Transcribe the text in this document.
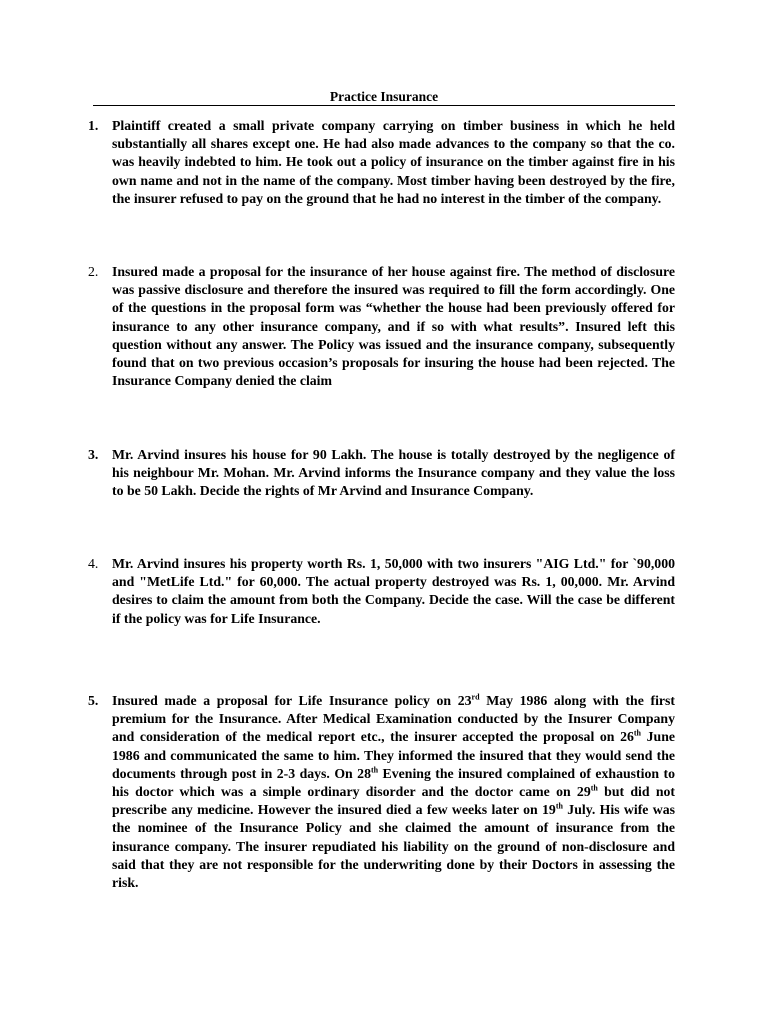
Practice Insurance
1. Plaintiff created a small private company carrying on timber business in which he held substantially all shares except one. He had also made advances to the company so that the co. was heavily indebted to him. He took out a policy of insurance on the timber against fire in his own name and not in the name of the company. Most timber having been destroyed by the fire, the insurer refused to pay on the ground that he had no interest in the timber of the company.
2. Insured made a proposal for the insurance of her house against fire. The method of disclosure was passive disclosure and therefore the insured was required to fill the form accordingly. One of the questions in the proposal form was “whether the house had been previously offered for insurance to any other insurance company, and if so with what results”. Insured left this question without any answer. The Policy was issued and the insurance company, subsequently found that on two previous occasion’s proposals for insuring the house had been rejected. The Insurance Company denied the claim
3. Mr. Arvind insures his house for 90 Lakh. The house is totally destroyed by the negligence of his neighbour Mr. Mohan. Mr. Arvind informs the Insurance company and they value the loss to be 50 Lakh. Decide the rights of Mr Arvind and Insurance Company.
4. Mr. Arvind insures his property worth Rs. 1, 50,000 with two insurers "AIG Ltd." for `90,000 and "MetLife Ltd." for 60,000. The actual property destroyed was Rs. 1, 00,000. Mr. Arvind desires to claim the amount from both the Company. Decide the case. Will the case be different if the policy was for Life Insurance.
5. Insured made a proposal for Life Insurance policy on 23rd May 1986 along with the first premium for the Insurance. After Medical Examination conducted by the Insurer Company and consideration of the medical report etc., the insurer accepted the proposal on 26th June 1986 and communicated the same to him. They informed the insured that they would send the documents through post in 2-3 days. On 28th Evening the insured complained of exhaustion to his doctor which was a simple ordinary disorder and the doctor came on 29th but did not prescribe any medicine. However the insured died a few weeks later on 19th July. His wife was the nominee of the Insurance Policy and she claimed the amount of insurance from the insurance company. The insurer repudiated his liability on the ground of non-disclosure and said that they are not responsible for the underwriting done by their Doctors in assessing the risk.
